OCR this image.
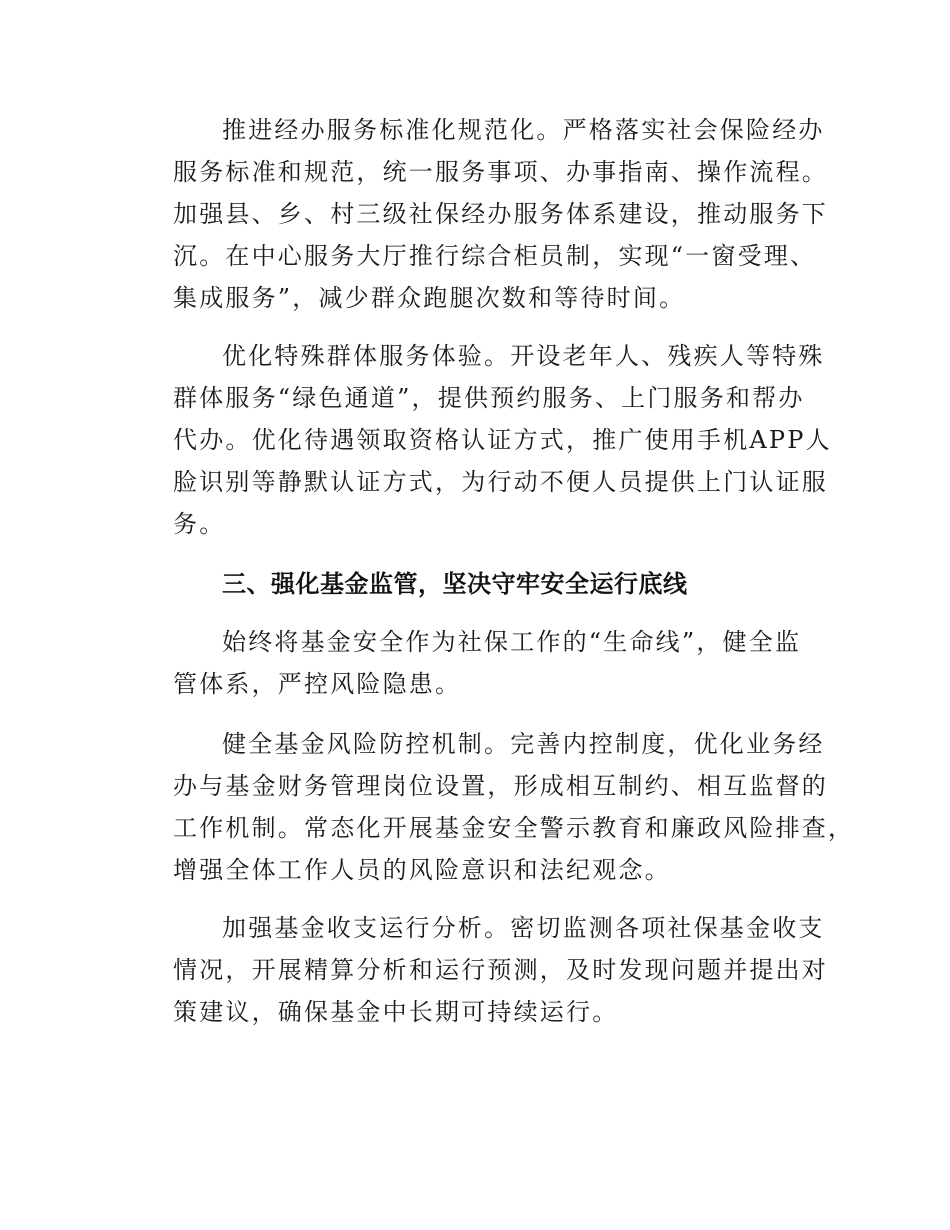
推进经办服务标准化规范化。严格落实社会保险经办
服务标准和规范，统一服务事项、办事指南、操作流程。
加强县、乡、村三级社保经办服务体系建设，推动服务下
沉。在中心服务大厅推行综合柜员制，实现“一窗受理、
集成服务”，减少群众跑腿次数和等待时间。
优化特殊群体服务体验。开设老年人、残疾人等特殊
群体服务“绿色通道”，提供预约服务、上门服务和帮办
代办。优化待遇领取资格认证方式，推广使用手机APP人
脸识别等静默认证方式，为行动不便人员提供上门认证服
务。
三、强化基金监管，坚决守牢安全运行底线
始终将基金安全作为社保工作的“生命线”，健全监
管体系，严控风险隐患。
健全基金风险防控机制。完善内控制度，优化业务经
办与基金财务管理岗位设置，形成相互制约、相互监督的
工作机制。常态化开展基金安全警示教育和廉政风险排查，
增强全体工作人员的风险意识和法纪观念。
加强基金收支运行分析。密切监测各项社保基金收支
情况，开展精算分析和运行预测，及时发现问题并提出对
策建议，确保基金中长期可持续运行。
